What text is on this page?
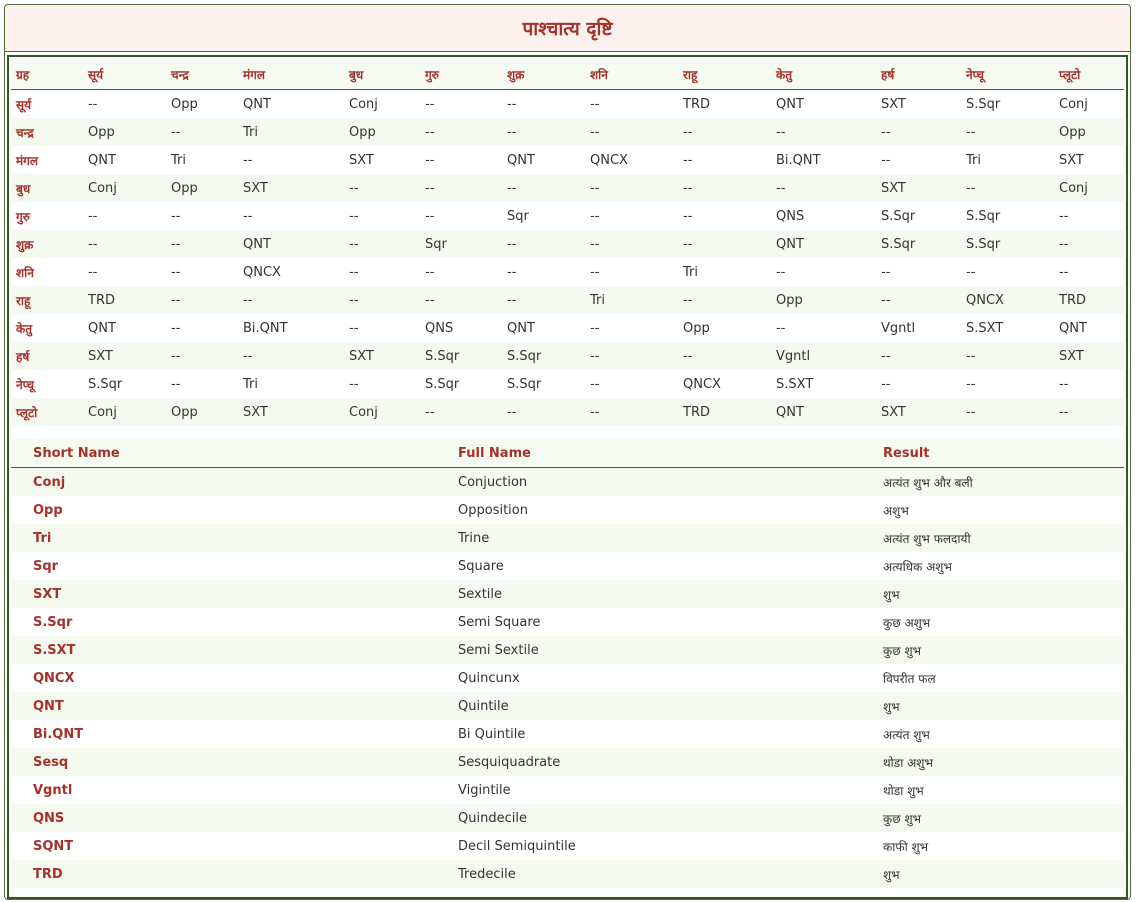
पाश्चात्य दृष्टि
ग्रह	सूर्य	चन्द्र	मंगल	बुध	गुरु	शुक्र	शनि	राहू	केतु	हर्ष	नेप्चू	प्लूटो
सूर्य	--	Opp	QNT	Conj	--	--	--	TRD	QNT	SXT	S.Sqr	Conj
चन्द्र	Opp	--	Tri	Opp	--	--	--	--	--	--	--	Opp
मंगल	QNT	Tri	--	SXT	--	QNT	QNCX	--	Bi.QNT	--	Tri	SXT
बुध	Conj	Opp	SXT	--	--	--	--	--	--	SXT	--	Conj
गुरु	--	--	--	--	--	Sqr	--	--	QNS	S.Sqr	S.Sqr	--
शुक्र	--	--	QNT	--	Sqr	--	--	--	QNT	S.Sqr	S.Sqr	--
शनि	--	--	QNCX	--	--	--	--	Tri	--	--	--	--
राहू	TRD	--	--	--	--	--	Tri	--	Opp	--	QNCX	TRD
केतु	QNT	--	Bi.QNT	--	QNS	QNT	--	Opp	--	Vgntl	S.SXT	QNT
हर्ष	SXT	--	--	SXT	S.Sqr	S.Sqr	--	--	Vgntl	--	--	SXT
नेप्चू	S.Sqr	--	Tri	--	S.Sqr	S.Sqr	--	QNCX	S.SXT	--	--	--
प्लूटो	Conj	Opp	SXT	Conj	--	--	--	TRD	QNT	SXT	--	--
Short Name	Full Name	Result
Conj	Conjuction	अत्यंत शुभ और बली
Opp	Opposition	अशुभ
Tri	Trine	अत्यंत शुभ फलदायी
Sqr	Square	अत्यधिक अशुभ
SXT	Sextile	शुभ
S.Sqr	Semi Square	कुछ अशुभ
S.SXT	Semi Sextile	कुछ शुभ
QNCX	Quincunx	विपरीत फल
QNT	Quintile	शुभ
Bi.QNT	Bi Quintile	अत्यंत शुभ
Sesq	Sesquiquadrate	थोडा अशुभ
Vgntl	Vigintile	थोडा शुभ
QNS	Quindecile	कुछ शुभ
SQNT	Decil Semiquintile	काफी शुभ
TRD	Tredecile	शुभ
